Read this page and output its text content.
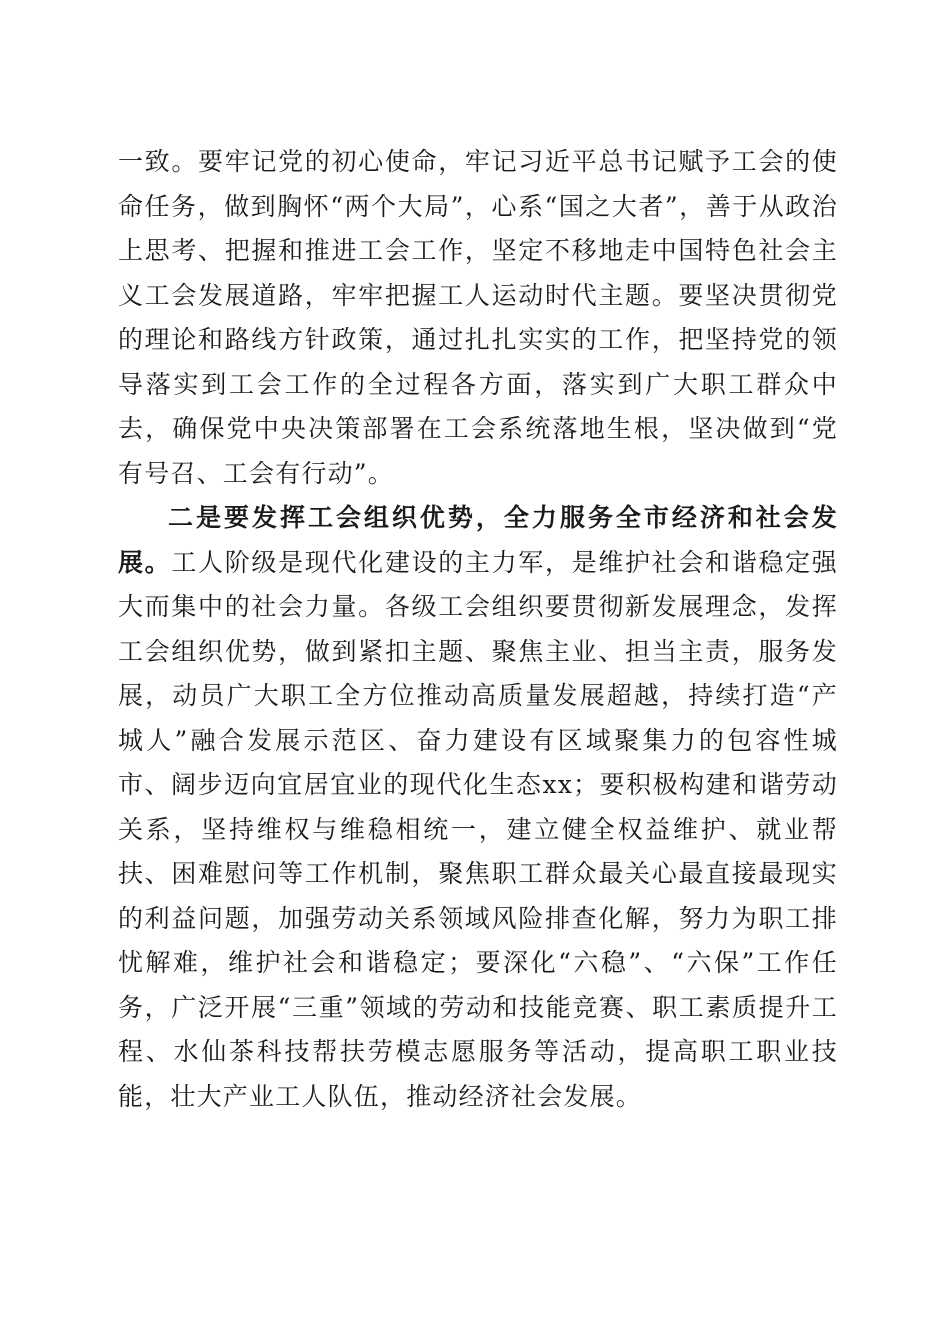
一致。要牢记党的初心使命，牢记习近平总书记赋予工会的使命任务，做到胸怀“两个大局”，心系“国之大者”，善于从政治上思考、把握和推进工会工作，坚定不移地走中国特色社会主义工会发展道路，牢牢把握工人运动时代主题。要坚决贯彻党的理论和路线方针政策，通过扎扎实实的工作，把坚持党的领导落实到工会工作的全过程各方面，落实到广大职工群众中去，确保党中央决策部署在工会系统落地生根，坚决做到“党有号召、工会有行动”。

二是要发挥工会组织优势，全力服务全市经济和社会发展。工人阶级是现代化建设的主力军，是维护社会和谐稳定强大而集中的社会力量。各级工会组织要贯彻新发展理念，发挥工会组织优势，做到紧扣主题、聚焦主业、担当主责，服务发展，动员广大职工全方位推动高质量发展超越，持续打造“产城人”融合发展示范区、奋力建设有区域聚集力的包容性城市、阔步迈向宜居宜业的现代化生态xx；要积极构建和谐劳动关系，坚持维权与维稳相统一，建立健全权益维护、就业帮扶、困难慰问等工作机制，聚焦职工群众最关心最直接最现实的利益问题，加强劳动关系领域风险排查化解，努力为职工排忧解难，维护社会和谐稳定；要深化“六稳”、“六保”工作任务，广泛开展“三重”领域的劳动和技能竞赛、职工素质提升工程、水仙茶科技帮扶劳模志愿服务等活动，提高职工职业技能，壮大产业工人队伍，推动经济社会发展。
